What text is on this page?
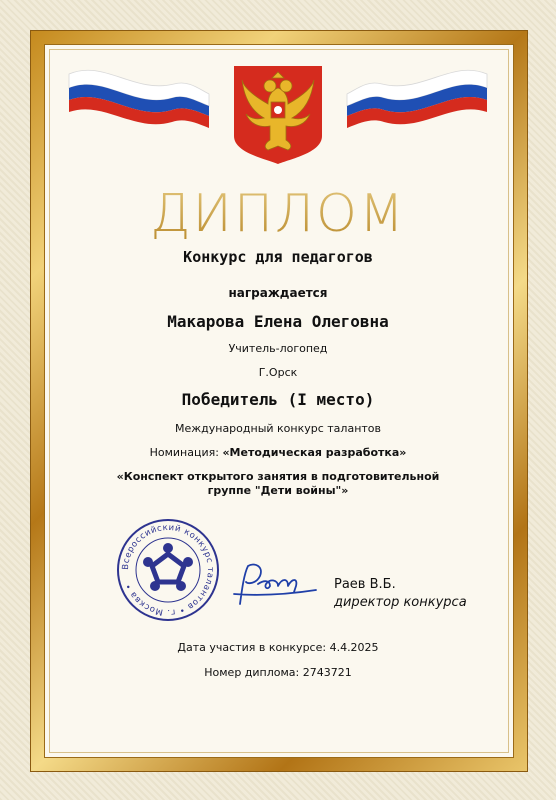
ДИПЛОМ
Конкурс для педагогов
награждается
Макарова Елена Олеговна
Учитель-логопед
Г.Орск
Победитель (I место)
Международный конкурс талантов
Номинация: «Методическая разработка»
«Конспект открытого занятия в подготовительной группе "Дети войны"»
Всероссийский конкурс талантов • г. Москва •	Раев В.Б.
директор конкурса
Дата участия в конкурсе: 4.4.2025
Номер диплома: 2743721
